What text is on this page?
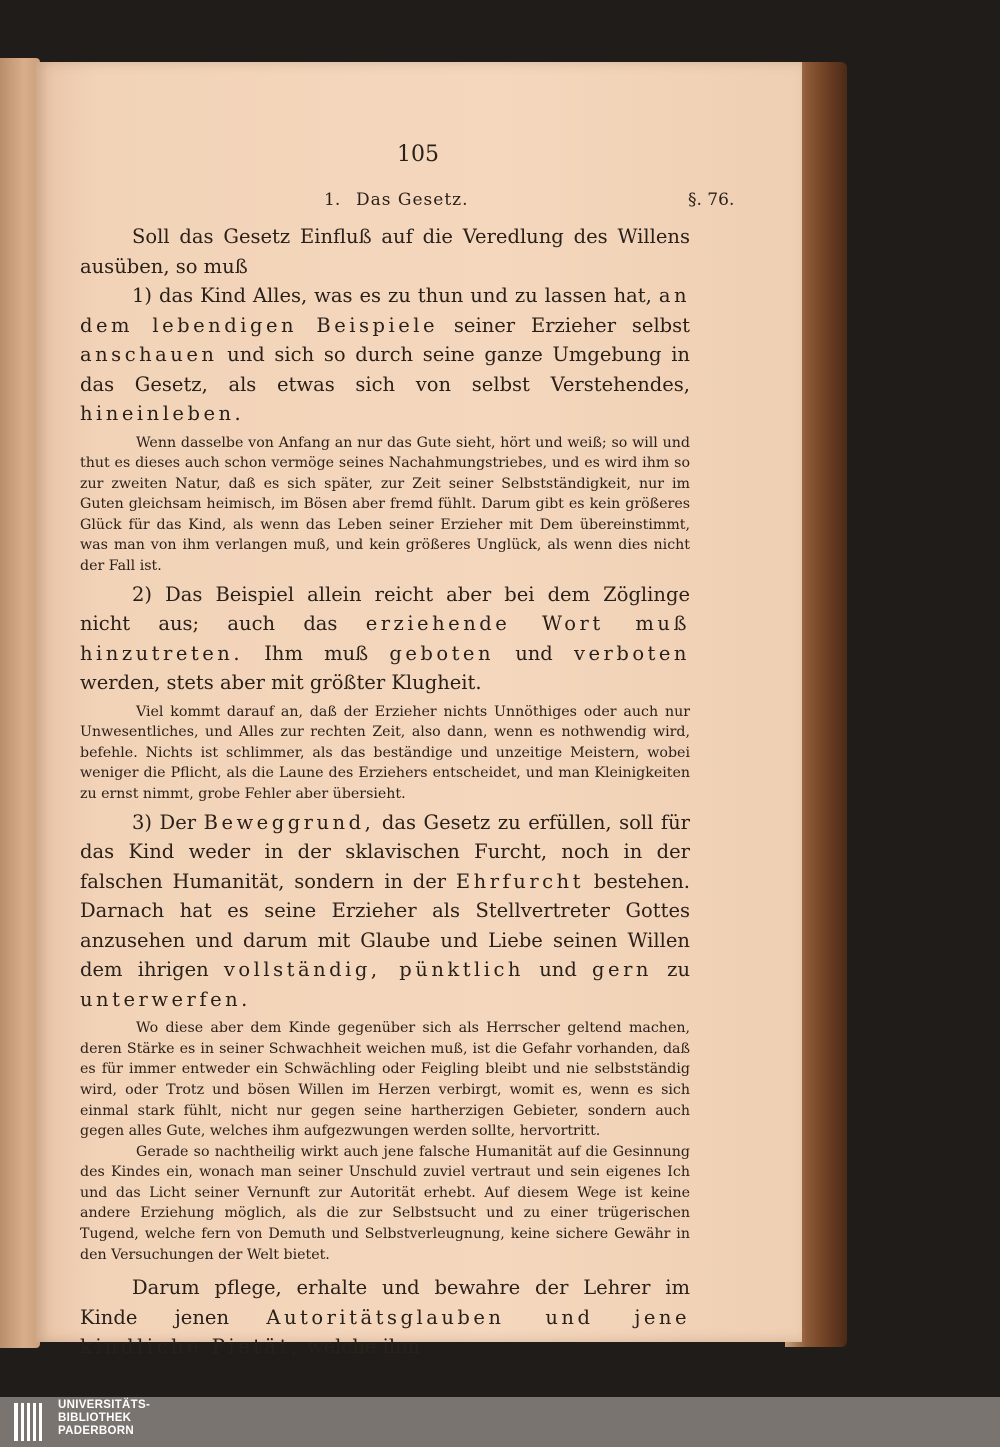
105
1. Das Gesetz.	§. 76.

Soll das Gesetz Einfluß auf die Veredlung des Willens ausüben, so muß

1) das Kind Alles, was es zu thun und zu lassen hat, an dem lebendigen Beispiele seiner Erzieher selbst anschauen und sich so durch seine ganze Umgebung in das Gesetz, als etwas sich von selbst Verstehendes, hineinleben.

Wenn dasselbe von Anfang an nur das Gute sieht, hört und weiß; so will und thut es dieses auch schon vermöge seines Nachahmungstriebes, und es wird ihm so zur zweiten Natur, daß es sich später, zur Zeit seiner Selbstständigkeit, nur im Guten gleichsam heimisch, im Bösen aber fremd fühlt. Darum gibt es kein größeres Glück für das Kind, als wenn das Leben seiner Erzieher mit Dem übereinstimmt, was man von ihm verlangen muß, und kein größeres Unglück, als wenn dies nicht der Fall ist.

2) Das Beispiel allein reicht aber bei dem Zöglinge nicht aus; auch das erziehende Wort muß hinzutreten. Ihm muß geboten und verboten werden, stets aber mit größter Klugheit.

Viel kommt darauf an, daß der Erzieher nichts Unnöthiges oder auch nur Unwesentliches, und Alles zur rechten Zeit, also dann, wenn es nothwendig wird, befehle. Nichts ist schlimmer, als das beständige und unzeitige Meistern, wobei weniger die Pflicht, als die Laune des Erziehers entscheidet, und man Kleinigkeiten zu ernst nimmt, grobe Fehler aber übersieht.

3) Der Beweggrund, das Gesetz zu erfüllen, soll für das Kind weder in der sklavischen Furcht, noch in der falschen Humanität, sondern in der Ehrfurcht bestehen. Darnach hat es seine Erzieher als Stellvertreter Gottes anzusehen und darum mit Glaube und Liebe seinen Willen dem ihrigen vollständig, pünktlich und gern zu unterwerfen.

Wo diese aber dem Kinde gegenüber sich als Herrscher geltend machen, deren Stärke es in seiner Schwachheit weichen muß, ist die Gefahr vorhanden, daß es für immer entweder ein Schwächling oder Feigling bleibt und nie selbstständig wird, oder Trotz und bösen Willen im Herzen verbirgt, womit es, wenn es sich einmal stark fühlt, nicht nur gegen seine hartherzigen Gebieter, sondern auch gegen alles Gute, welches ihm aufgezwungen werden sollte, hervortritt.

Gerade so nachtheilig wirkt auch jene falsche Humanität auf die Gesinnung des Kindes ein, wonach man seiner Unschuld zuviel vertraut und sein eigenes Ich und das Licht seiner Vernunft zur Autorität erhebt. Auf diesem Wege ist keine andere Erziehung möglich, als die zur Selbstsucht und zu einer trügerischen Tugend, welche fern von Demuth und Selbstverleugnung, keine sichere Gewähr in den Versuchungen der Welt bietet.

Darum pflege, erhalte und bewahre der Lehrer im Kinde jenen Autoritätsglauben und jene kindliche Pietät, welche ihm

UNIVERSITÄTS-
BIBLIOTHEK
PADERBORN
